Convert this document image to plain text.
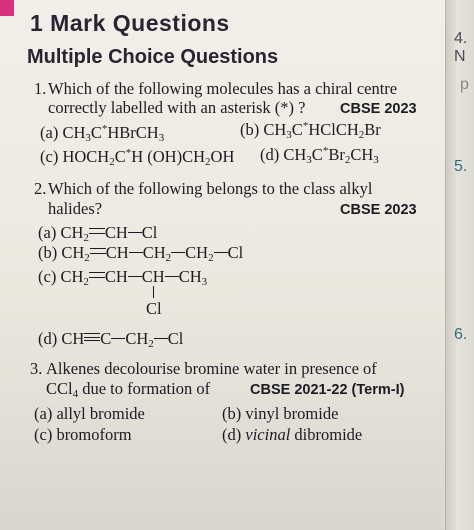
1 Mark Questions
Multiple Choice Questions
1. Which of the following molecules has a chiral centre
correctly labelled with an asterisk (*) ? CBSE 2023
(a) $CH_3C^*HBrCH_3$	(b) $CH_3C^*HClCH_2Br$
(c) $HOCH_2C^*H$ $(OH)CH_2OH$ (d) $CH_3C^*Br_2CH_3$
2. Which of the following belongs to the class alkyl
halides?	CBSE 2023
(a) $CH_2$ CH Cl
(b) $CH_2$ CH $CH_2$ $CH_2$ Cl
(c) $CH_2$ CH CH $CH_3$
Cl
(d) CH C $CH_2$ Cl
3. Alkenes decolourise bromine water in presence of
CCl$_4$ due to formation of	CBSE 2021-22 (Term-I)
(a) allyl bromide	(b) vinyl bromide
(c) bromoform	(d) vicinal dibromide
4. N
p
5.
6.
